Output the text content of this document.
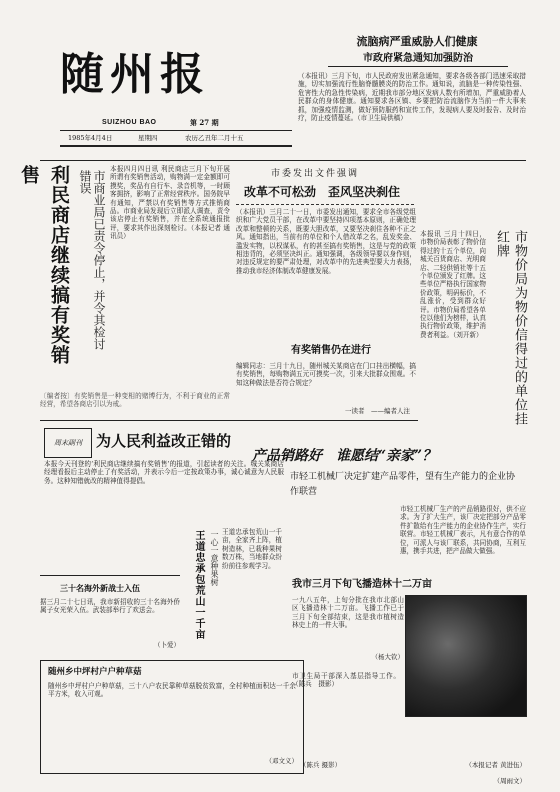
随州报
SUIZHOU BAO	第 27 期
1985年4月4日	星期四	农历乙丑年二月十五
流脑病严重威胁人们健康
市政府紧急通知加强防治
（本报讯）三月下旬，市人民政府发出紧急通知，要求各级各部门迅速采取措施，切实加强流行性脑脊髓膜炎的防治工作。通知说，流脑是一种传染性强、危害性大的急性传染病，近期我市部分地区发病人数有所增加，严重威胁着人民群众的身体健康。通知要求各区镇、乡要把防治流脑作为当前一件大事来抓，加强疫情监测，做好预防服药和宣传工作，发现病人要及时报告、及时治疗，防止疫情蔓延。（市卫生局供稿）
利民商店继续搞有奖销售	市商业局已责令停止，并令其检讨错误
本报四月四日讯 利民商店三月下旬开展所谓有奖销售活动，购物满一定金额即可摸奖，奖品有自行车、录音机等，一时顾客拥挤，影响了正常经营秩序。国务院早有通知，严禁以有奖销售等方式推销商品。市商业局发现后立即派人调查，责令该店停止有奖销售，并在全系统通报批评，要求其作出深刻检讨。（本报记者 通讯员）
〔编者按〕有奖销售是一种变相的赌博行为，不利于商业的正常经营，希望各商店引以为戒。
市委发出文件强调
改革不可松劲　歪风坚决刹住
（本报讯）三月二十一日，市委发出通知，要求全市各级党组织和广大党员干部，在改革中要坚持四项基本原则，正确处理改革和整顿的关系，既要大胆改革，又要坚决刹住各种不正之风。通知指出，当前有的单位和个人借改革之名，乱发奖金、滥发实物，以权谋私，有的甚至搞有奖销售，这是与党的政策相违背的，必须坚决纠正。通知强调，各级领导要以身作则，对违反规定的要严肃处理，对改革中的先进典型要大力表扬，推动我市经济体制改革健康发展。
有奖销售仍在进行
编辑同志：三月十九日，随州城关某商店在门口挂出横幅，搞有奖销售，每购物满五元可摸奖一次，引来大批群众围观。不知这种做法是否符合规定？
一读者　——编者人注	市物价局为物价信得过的单位挂红牌
本报讯 三月十四日，市物价局表彰了物价信得过的十五个单位，向城关百货商店、光明商店、二轻供销社等十五个单位颁发了红牌。这些单位严格执行国家物价政策，明码标价，不乱涨价，受到群众好评。市物价局希望各单位以他们为榜样，认真执行物价政策，维护消费者利益。（刘开新）
周末副刊 为人民利益改正错的
本报今天刊登的‘利民商店继续搞有奖销售’的报道，引起读者的关注。城关某商店经理看报后主动停止了有奖活动，并表示今后一定按政策办事，诚心诚意为人民服务。这种知错就改的精神值得提倡。
三十名海外新战士入伍
据三月二十七日讯，我市新招收的三十名海外侨属子女光荣入伍。武装部举行了欢送会。
（卜爱）
随州乡中坪村户户种草菇
随州乡中坪村户户种草菇，三十八户农民靠种草菇脱贫致富，全村种植面积达一千余平方米，收入可观。
（邓文义）
王道忠承包荒山一千亩 一心一意种果树 王道忠承包荒山一千亩，全家齐上阵，植树造林，已栽种果树数万株，当地群众纷纷前往参观学习。
我市三月下旬飞播造林十二万亩
一九八五年，上旬分批在我市北部山区飞播造林十二万亩。飞播工作已于三月下旬全部结束，这是我市植树造林史上的一件大事。
（杨大钦）
市卫生局干部深入基层指导工作。（陈兵　摄影）
（陈兵 摄影）
产品销路好　谁愿结“亲家”？
市轻工机械厂决定扩建产品零件，望有生产能力的企业协作联营
市轻工机械厂生产的产品销路很好，供不应求。为了扩大生产，该厂决定把部分产品零件扩散给有生产能力的企业协作生产，实行联营。市轻工机械厂表示，凡有意合作的单位，可派人与该厂联系，共同协商，互利互惠，携手共进，把产品做大做强。
（本报记者 黄进伍）
（周雨文）
